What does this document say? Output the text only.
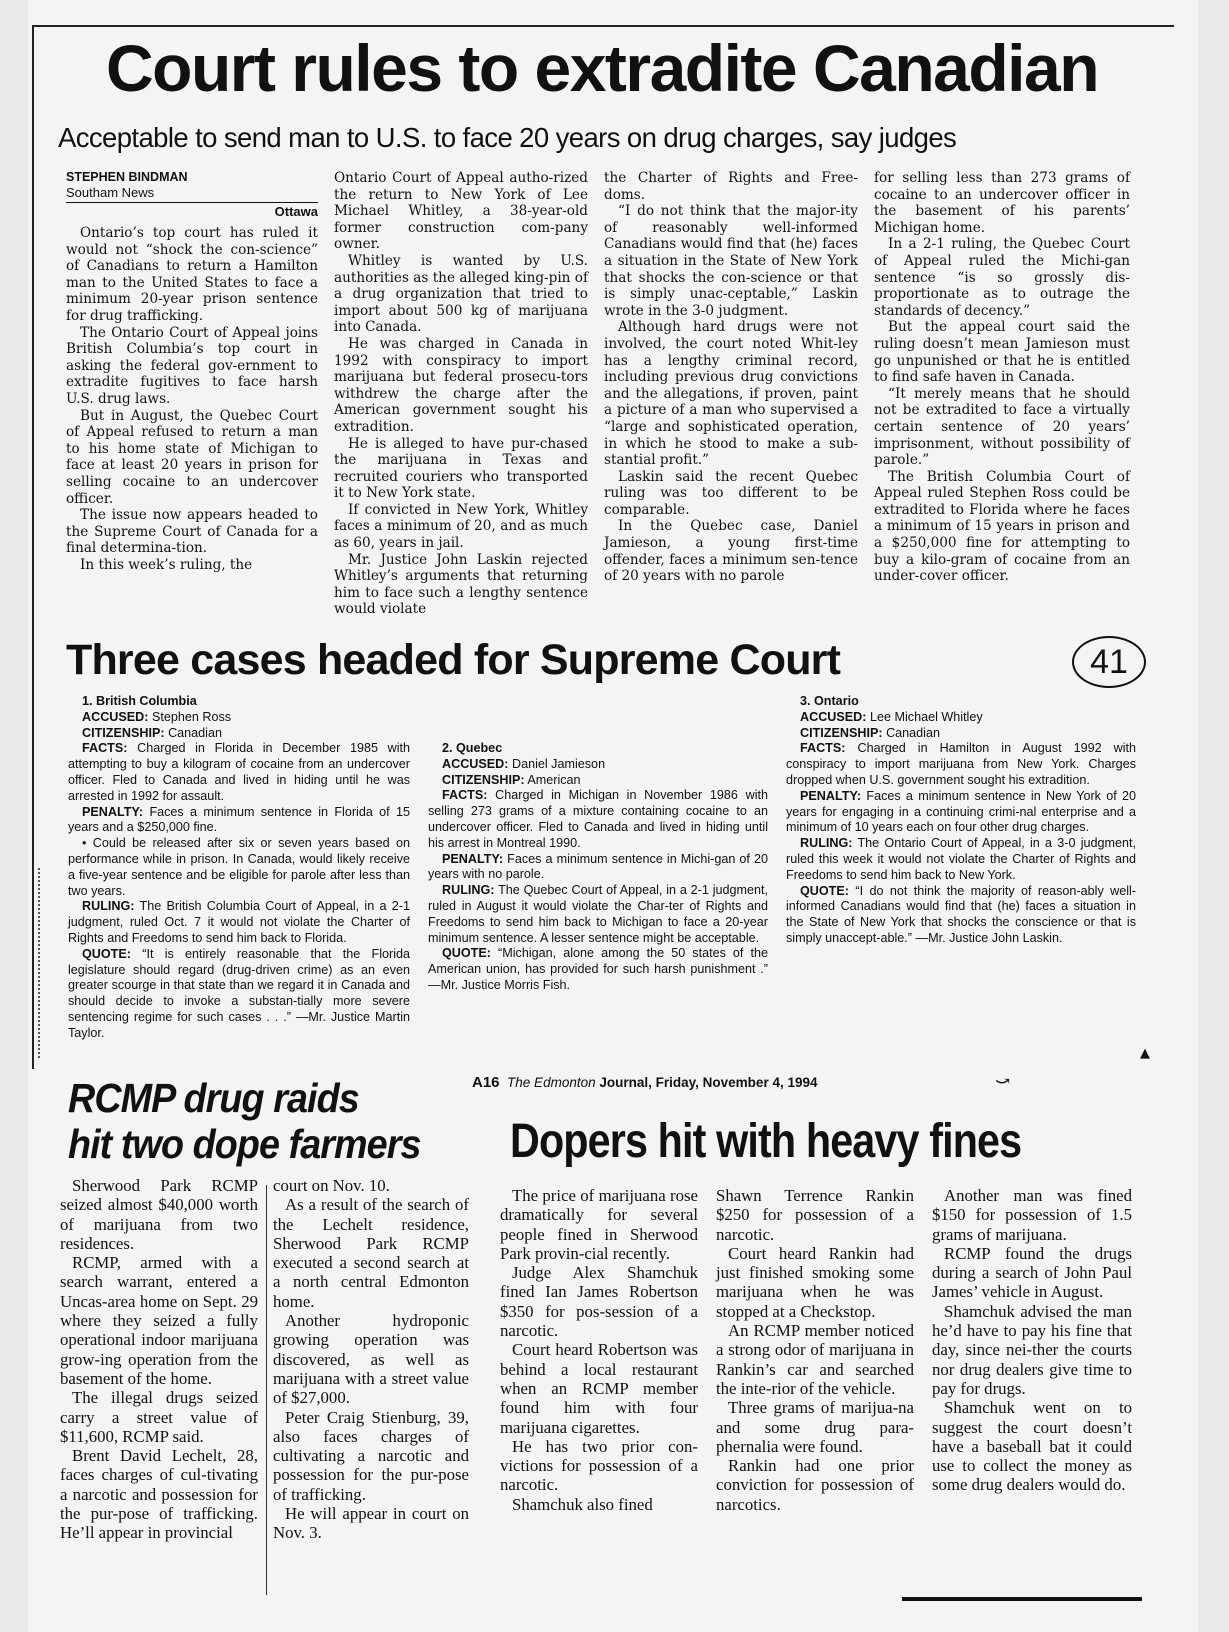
Court rules to extradite Canadian
Acceptable to send man to U.S. to face 20 years on drug charges, say judges
STEPHEN BINDMAN
Southam News
Ottawa

Ontario’s top court has ruled it would not “shock the con-science” of Canadians to return a Hamilton man to the United States to face a minimum 20-year prison sentence for drug trafficking.

The Ontario Court of Appeal joins British Columbia’s top court in asking the federal gov-ernment to extradite fugitives to face harsh U.S. drug laws.

But in August, the Quebec Court of Appeal refused to return a man to his home state of Michigan to face at least 20 years in prison for selling cocaine to an undercover officer.

The issue now appears headed to the Supreme Court of Canada for a final determina-tion.

In this week’s ruling, the

Ontario Court of Appeal autho-rized the return to New York of Lee Michael Whitley, a 38-year-old former construction com-pany owner.

Whitley is wanted by U.S. authorities as the alleged king-pin of a drug organization that tried to import about 500 kg of marijuana into Canada.

He was charged in Canada in 1992 with conspiracy to import marijuana but federal prosecu-tors withdrew the charge after the American government sought his extradition.

He is alleged to have pur-chased the marijuana in Texas and recruited couriers who transported it to New York state.

If convicted in New York, Whitley faces a minimum of 20, and as much as 60, years in jail.

Mr. Justice John Laskin rejected Whitley’s arguments that returning him to face such a lengthy sentence would violate

the Charter of Rights and Free-doms.

“I do not think that the major-ity of reasonably well-informed Canadians would find that (he) faces a situation in the State of New York that shocks the con-science or that is simply unac-ceptable,” Laskin wrote in the 3-0 judgment.

Although hard drugs were not involved, the court noted Whit-ley has a lengthy criminal record, including previous drug convictions and the allegations, if proven, paint a picture of a man who supervised a “large and sophisticated operation, in which he stood to make a sub-stantial profit.”

Laskin said the recent Quebec ruling was too different to be comparable.

In the Quebec case, Daniel Jamieson, a young first-time offender, faces a minimum sen-tence of 20 years with no parole

for selling less than 273 grams of cocaine to an undercover officer in the basement of his parents’ Michigan home.

In a 2-1 ruling, the Quebec Court of Appeal ruled the Michi-gan sentence “is so grossly dis-proportionate as to outrage the standards of decency.”

But the appeal court said the ruling doesn’t mean Jamieson must go unpunished or that he is entitled to find safe haven in Canada.

“It merely means that he should not be extradited to face a virtually certain sentence of 20 years’ imprisonment, without possibility of parole.”

The British Columbia Court of Appeal ruled Stephen Ross could be extradited to Florida where he faces a minimum of 15 years in prison and a $250,000 fine for attempting to buy a kilo-gram of cocaine from an under-cover officer.

Three cases headed for Supreme Court	41

1. British Columbia

ACCUSED: Stephen Ross

CITIZENSHIP: Canadian

FACTS: Charged in Florida in December 1985 with attempting to buy a kilogram of cocaine from an undercover officer. Fled to Canada and lived in hiding until he was arrested in 1992 for assault.

PENALTY: Faces a minimum sentence in Florida of 15 years and a $250,000 fine.

• Could be released after six or seven years based on performance while in prison. In Canada, would likely receive a five-year sentence and be eligible for parole after less than two years.

RULING: The British Columbia Court of Appeal, in a 2-1 judgment, ruled Oct. 7 it would not violate the Charter of Rights and Freedoms to send him back to Florida.

QUOTE: “It is entirely reasonable that the Florida legislature should regard (drug-driven crime) as an even greater scourge in that state than we regard it in Canada and should decide to invoke a substan-tially more severe sentencing regime for such cases . . .” —Mr. Justice Martin Taylor.

2. Quebec

ACCUSED: Daniel Jamieson

CITIZENSHIP: American

FACTS: Charged in Michigan in November 1986 with selling 273 grams of a mixture containing cocaine to an undercover officer. Fled to Canada and lived in hiding until his arrest in Montreal 1990.

PENALTY: Faces a minimum sentence in Michi-gan of 20 years with no parole.

RULING: The Quebec Court of Appeal, in a 2-1 judgment, ruled in August it would violate the Char-ter of Rights and Freedoms to send him back to Michigan to face a 20-year minimum sentence. A lesser sentence might be acceptable.

QUOTE: “Michigan, alone among the 50 states of the American union, has provided for such harsh punishment .” —Mr. Justice Morris Fish.

3. Ontario

ACCUSED: Lee Michael Whitley

CITIZENSHIP: Canadian

FACTS: Charged in Hamilton in August 1992 with conspiracy to import marijuana from New York. Charges dropped when U.S. government sought his extradition.

PENALTY: Faces a minimum sentence in New York of 20 years for engaging in a continuing crimi-nal enterprise and a minimum of 10 years each on four other drug charges.

RULING: The Ontario Court of Appeal, in a 3-0 judgment, ruled this week it would not violate the Charter of Rights and Freedoms to send him back to New York.

QUOTE: “I do not think the majority of reason-ably well-informed Canadians would find that (he) faces a situation in the State of New York that shocks the conscience or that is simply unaccept-able.” —Mr. Justice John Laskin.

▲
A16 The Edmonton Journal, Friday, November 4, 1994	⤻
RCMP drug raids
hit two dope farmers

Sherwood Park RCMP seized almost $40,000 worth of marijuana from two residences.

RCMP, armed with a search warrant, entered a Uncas-area home on Sept. 29 where they seized a fully operational indoor marijuana grow-ing operation from the basement of the home.

The illegal drugs seized carry a street value of $11,600, RCMP said.

Brent David Lechelt, 28, faces charges of cul-tivating a narcotic and possession for the pur-pose of trafficking. He’ll appear in provincial

court on Nov. 10.

As a result of the search of the Lechelt residence, Sherwood Park RCMP executed a second search at a north central Edmonton home.

Another hydroponic growing operation was discovered, as well as marijuana with a street value of $27,000.

Peter Craig Stienburg, 39, also faces charges of cultivating a narcotic and possession for the pur-pose of trafficking.

He will appear in court on Nov. 3.

Dopers hit with heavy fines

The price of marijuana rose dramatically for several people fined in Sherwood Park provin-cial recently.

Judge Alex Shamchuk fined Ian James Robertson $350 for pos-session of a narcotic.

Court heard Robertson was behind a local restaurant when an RCMP member found him with four marijuana cigarettes.

He has two prior con-victions for possession of a narcotic.

Shamchuk also fined

Shawn Terrence Rankin $250 for possession of a narcotic.

Court heard Rankin had just finished smoking some marijuana when he was stopped at a Checkstop.

An RCMP member noticed a strong odor of marijuana in Rankin’s car and searched the inte-rior of the vehicle.

Three grams of marijua-na and some drug para-phernalia were found.

Rankin had one prior conviction for possession of narcotics.

Another man was fined $150 for possession of 1.5 grams of marijuana.

RCMP found the drugs during a search of John Paul James’ vehicle in August.

Shamchuk advised the man he’d have to pay his fine that day, since nei-ther the courts nor drug dealers give time to pay for drugs.

Shamchuk went on to suggest the court doesn’t have a baseball bat it could use to collect the money as some drug dealers would do.
